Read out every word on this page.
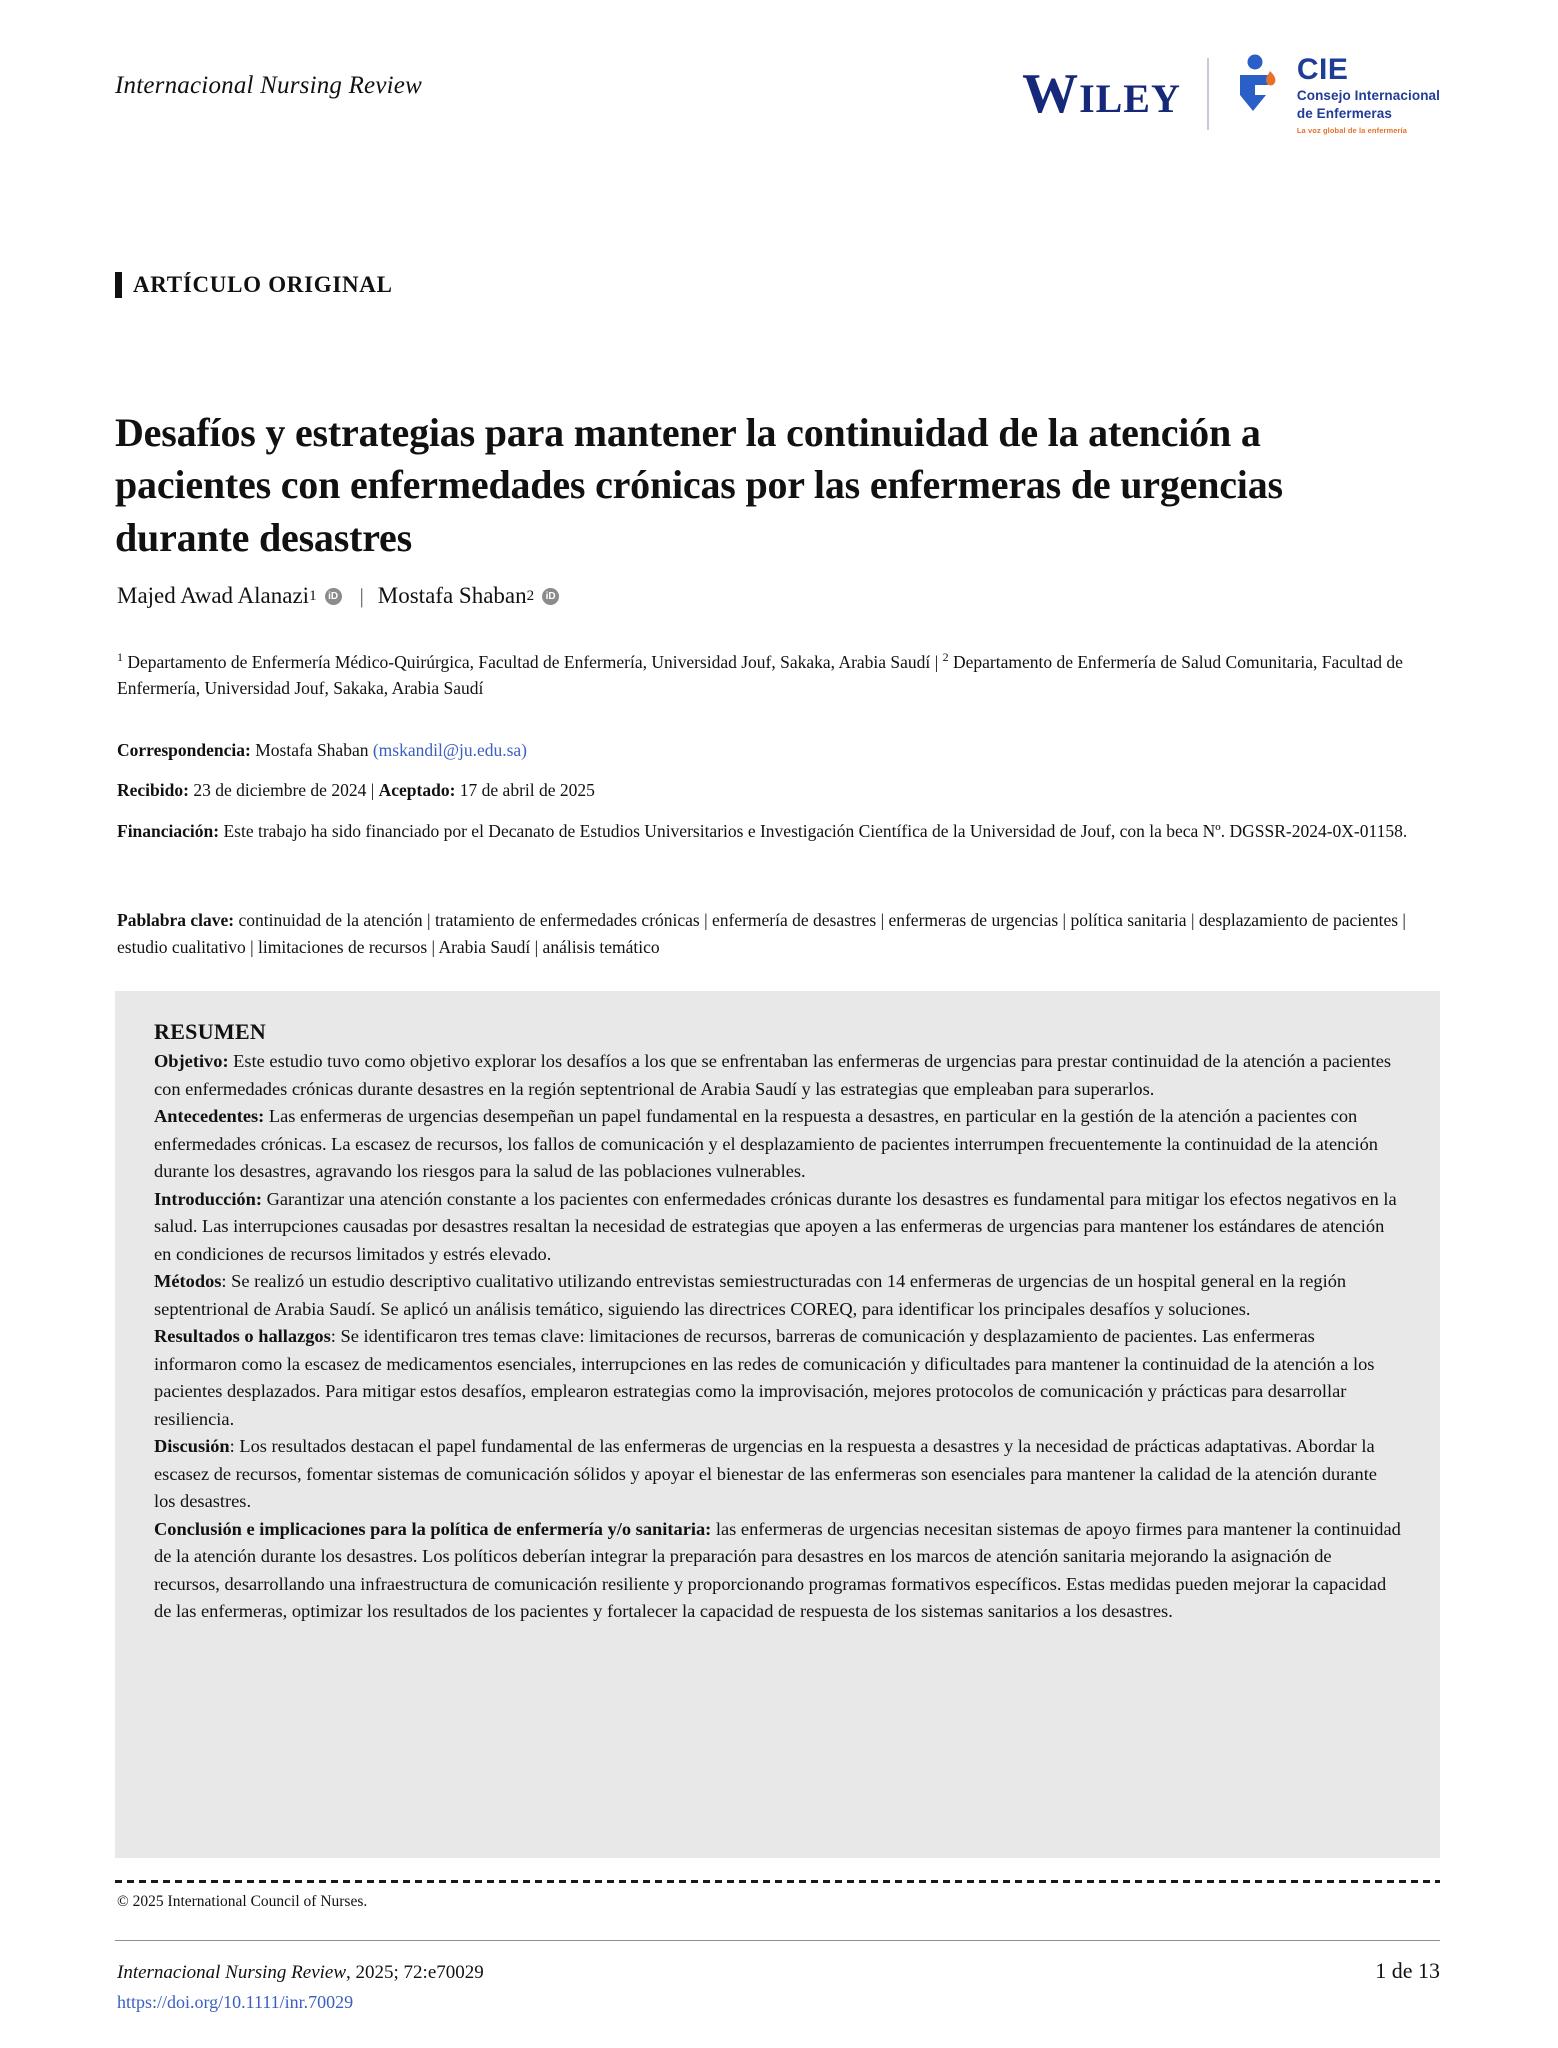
Internacional Nursing Review	WILEY
CIE
Consejo Internacional
de Enfermeras
La voz global de la enfermería
ARTÍCULO ORIGINAL
Desafíos y estrategias para mantener la continuidad de la atención a pacientes con enfermedades crónicas por las enfermeras de urgencias durante desastres
Majed Awad Alanazi 1 iD | Mostafa Shaban 2
iD
$^1$ Departamento de Enfermería Médico-Quirúrgica, Facultad de Enfermería, Universidad Jouf, Sakaka, Arabia Saudí | $^2$ Departamento de Enfermería de Salud Comunitaria, Facultad de Enfermería, Universidad Jouf, Sakaka, Arabia Saudí
Correspondencia: Mostafa Shaban (mskandil@ju.edu.sa)
Recibido: 23 de diciembre de 2024 | Aceptado: 17 de abril de 2025
Financiación: Este trabajo ha sido financiado por el Decanato de Estudios Universitarios e Investigación Científica de la Universidad de Jouf, con la beca Nº. DGSSR-2024-0X-01158.
Pablabra clave: continuidad de la atención | tratamiento de enfermedades crónicas | enfermería de desastres | enfermeras de urgencias | política sanitaria | desplazamiento de pacientes | estudio cualitativo | limitaciones de recursos | Arabia Saudí | análisis temático
RESUMEN

Objetivo: Este estudio tuvo como objetivo explorar los desafíos a los que se enfrentaban las enfermeras de urgencias para prestar continuidad de la atención a pacientes con enfermedades crónicas durante desastres en la región septentrional de Arabia Saudí y las estrategias que empleaban para superarlos.

Antecedentes: Las enfermeras de urgencias desempeñan un papel fundamental en la respuesta a desastres, en particular en la gestión de la atención a pacientes con enfermedades crónicas. La escasez de recursos, los fallos de comunicación y el desplazamiento de pacientes interrumpen frecuentemente la continuidad de la atención durante los desastres, agravando los riesgos para la salud de las poblaciones vulnerables.

Introducción: Garantizar una atención constante a los pacientes con enfermedades crónicas durante los desastres es fundamental para mitigar los efectos negativos en la salud. Las interrupciones causadas por desastres resaltan la necesidad de estrategias que apoyen a las enfermeras de urgencias para mantener los estándares de atención en condiciones de recursos limitados y estrés elevado.

Métodos: Se realizó un estudio descriptivo cualitativo utilizando entrevistas semiestructuradas con 14 enfermeras de urgencias de un hospital general en la región septentrional de Arabia Saudí. Se aplicó un análisis temático, siguiendo las directrices COREQ, para identificar los principales desafíos y soluciones.

Resultados o hallazgos: Se identificaron tres temas clave: limitaciones de recursos, barreras de comunicación y desplazamiento de pacientes. Las enfermeras informaron como la escasez de medicamentos esenciales, interrupciones en las redes de comunicación y dificultades para mantener la continuidad de la atención a los pacientes desplazados. Para mitigar estos desafíos, emplearon estrategias como la improvisación, mejores protocolos de comunicación y prácticas para desarrollar resiliencia.

Discusión: Los resultados destacan el papel fundamental de las enfermeras de urgencias en la respuesta a desastres y la necesidad de prácticas adaptativas. Abordar la escasez de recursos, fomentar sistemas de comunicación sólidos y apoyar el bienestar de las enfermeras son esenciales para mantener la calidad de la atención durante los desastres.

Conclusión e implicaciones para la política de enfermería y/o sanitaria: las enfermeras de urgencias necesitan sistemas de apoyo firmes para mantener la continuidad de la atención durante los desastres. Los políticos deberían integrar la preparación para desastres en los marcos de atención sanitaria mejorando la asignación de recursos, desarrollando una infraestructura de comunicación resiliente y proporcionando programas formativos específicos. Estas medidas pueden mejorar la capacidad de las enfermeras, optimizar los resultados de los pacientes y fortalecer la capacidad de respuesta de los sistemas sanitarios a los desastres.

© 2025 International Council of Nurses.
Internacional Nursing Review, 2025; 72:e70029
https://doi.org/10.1111/inr.70029
1 de 13
